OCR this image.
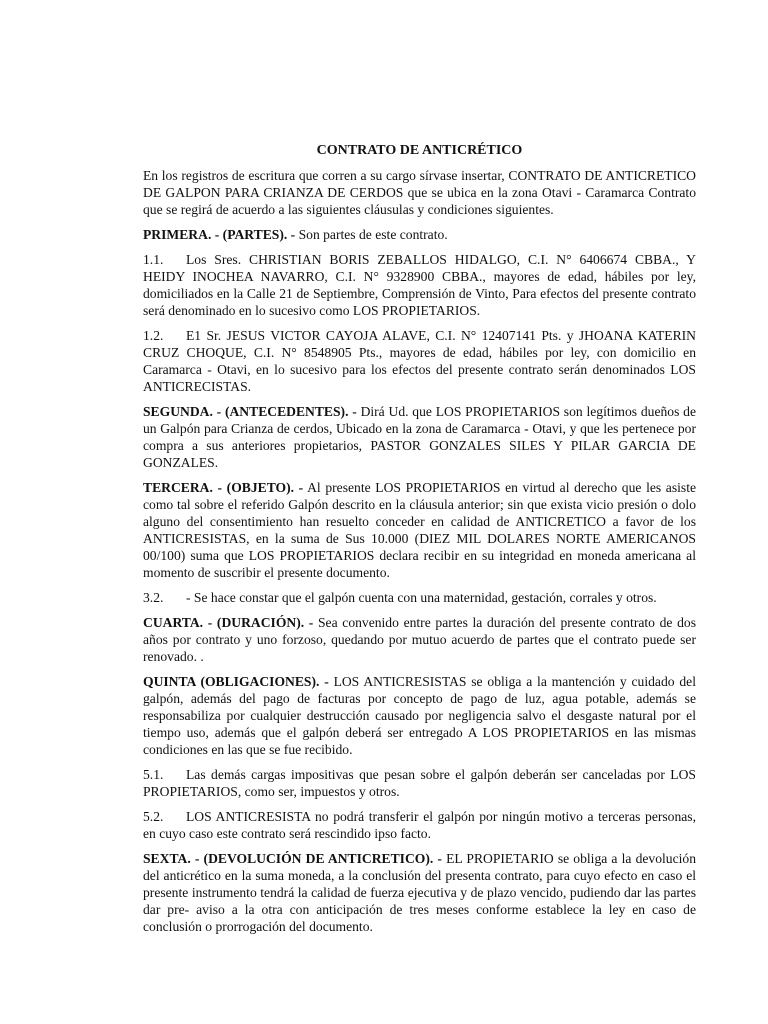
CONTRATO DE ANTICRÉTICO

En los registros de escritura que corren a su cargo sírvase insertar, CONTRATO DE ANTICRETICO DE GALPON PARA CRIANZA DE CERDOS que se ubica en la zona Otavi - Caramarca Contrato que se regirá de acuerdo a las siguientes cláusulas y condiciones siguientes.

PRIMERA. - (PARTES). - Son partes de este contrato.

1.1. Los Sres. CHRISTIAN BORIS ZEBALLOS HIDALGO, C.I. N° 6406674 CBBA., Y HEIDY INOCHEA NAVARRO, C.I. N° 9328900 CBBA., mayores de edad, hábiles por ley, domiciliados en la Calle 21 de Septiembre, Comprensión de Vinto, Para efectos del presente contrato será denominado en lo sucesivo como LOS PROPIETARIOS.

1.2. E1 Sr. JESUS VICTOR CAYOJA ALAVE, C.I. N° 12407141 Pts. y JHOANA KATERIN CRUZ CHOQUE, C.I. N° 8548905 Pts., mayores de edad, hábiles por ley, con domicilio en Caramarca - Otavi, en lo sucesivo para los efectos del presente contrato serán denominados LOS ANTICRECISTAS.

SEGUNDA. - (ANTECEDENTES). - Dirá Ud. que LOS PROPIETARIOS son legítimos dueños de un Galpón para Crianza de cerdos, Ubicado en la zona de Caramarca - Otavi, y que les pertenece por compra a sus anteriores propietarios, PASTOR GONZALES SILES Y PILAR GARCIA DE GONZALES.

TERCERA. - (OBJETO). - Al presente LOS PROPIETARIOS en virtud al derecho que les asiste como tal sobre el referido Galpón descrito en la cláusula anterior; sin que exista vicio presión o dolo alguno del consentimiento han resuelto conceder en calidad de ANTICRETICO a favor de los ANTICRESISTAS, en la suma de Sus 10.000 (DIEZ MIL DOLARES NORTE AMERICANOS 00/100) suma que LOS PROPIETARIOS declara recibir en su integridad en moneda americana al momento de suscribir el presente documento.

3.2. - Se hace constar que el galpón cuenta con una maternidad, gestación, corrales y otros.

CUARTA. - (DURACIÓN). - Sea convenido entre partes la duración del presente contrato de dos años por contrato y uno forzoso, quedando por mutuo acuerdo de partes que el contrato puede ser renovado. .

QUINTA (OBLIGACIONES). - LOS ANTICRESISTAS se obliga a la mantención y cuidado del galpón, además del pago de facturas por concepto de pago de luz, agua potable, además se responsabiliza por cualquier destrucción causado por negligencia salvo el desgaste natural por el tiempo uso, además que el galpón deberá ser entregado A LOS PROPIETARIOS en las mismas condiciones en las que se fue recibido.

5.1. Las demás cargas impositivas que pesan sobre el galpón deberán ser canceladas por LOS PROPIETARIOS, como ser, impuestos y otros.

5.2. LOS ANTICRESISTA no podrá transferir el galpón por ningún motivo a terceras personas, en cuyo caso este contrato será rescindido ipso facto.

SEXTA. - (DEVOLUCIÓN DE ANTICRETICO). - EL PROPIETARIO se obliga a la devolución del anticrético en la suma moneda, a la conclusión del presenta contrato, para cuyo efecto en caso el presente instrumento tendrá la calidad de fuerza ejecutiva y de plazo vencido, pudiendo dar las partes dar pre- aviso a la otra con anticipación de tres meses conforme establece la ley en caso de conclusión o prorrogación del documento.
